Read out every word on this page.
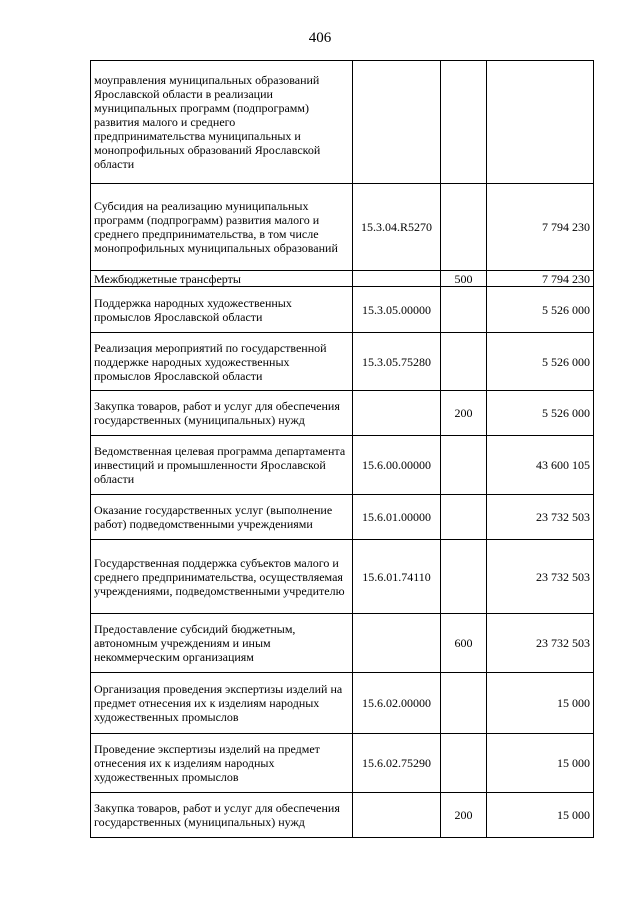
406
моуправления муниципальных образований Ярославской области в реализации муниципальных программ (подпрограмм) развития малого и среднего предпринимательства муниципальных и монопрофильных образований Ярославской области			
Субсидия на реализацию муниципальных программ (подпрограмм) развития малого и среднего предпринимательства, в том числе монопрофильных муниципальных образований	15.3.04.R5270		7 794 230
Межбюджетные трансферты		500	7 794 230
Поддержка народных художественных промыслов Ярославской области	15.3.05.00000		5 526 000
Реализация мероприятий по государственной поддержке народных художественных промыслов Ярославской области	15.3.05.75280		5 526 000
Закупка товаров, работ и услуг для обеспечения государственных (муниципальных) нужд		200	5 526 000
Ведомственная целевая программа департамента инвестиций и промышленности Ярославской области	15.6.00.00000		43 600 105
Оказание государственных услуг (выполнение работ) подведомственными учреждениями	15.6.01.00000		23 732 503
Государственная поддержка субъектов малого и среднего предпринимательства, осуществляемая учреждениями, подведомственными учредителю	15.6.01.74110		23 732 503
Предоставление субсидий бюджетным, автономным учреждениям и иным некоммерческим организациям		600	23 732 503
Организация проведения экспертизы изделий на предмет отнесения их к изделиям народных художественных промыслов	15.6.02.00000		15 000
Проведение экспертизы изделий на предмет отнесения их к изделиям народных художественных промыслов	15.6.02.75290		15 000
Закупка товаров, работ и услуг для обеспечения государственных (муниципальных) нужд		200	15 000
